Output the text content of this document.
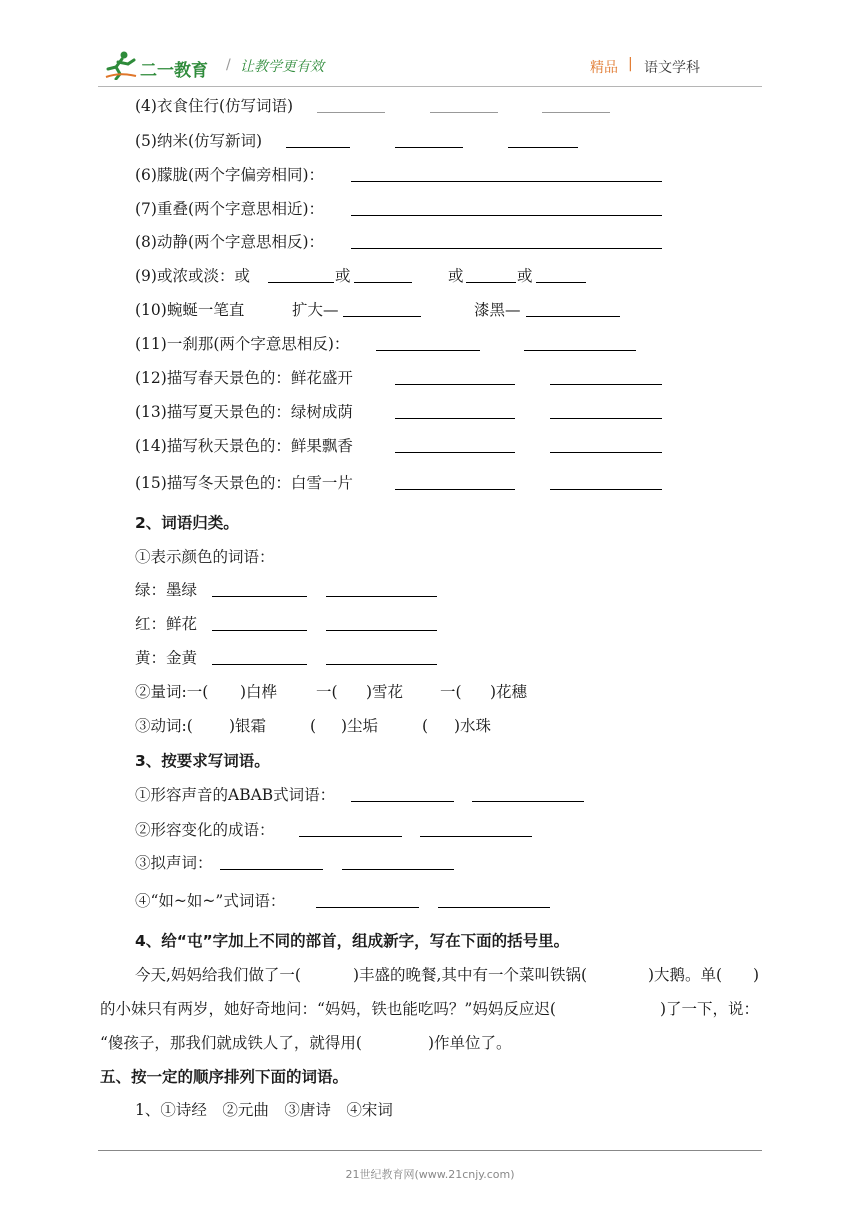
二一教育 / 让教学更有效	精品 | 语文学科
(4)衣食住行(仿写词语)
(5)纳米(仿写新词)
(6)朦胧(两个字偏旁相同)：
(7)重叠(两个字意思相近)：
(8)动静(两个字意思相反)：
(9)或浓或淡：或	或	或	或
(10)蜿蜒一笔直	扩大—	漆黑—
(11)一刹那(两个字意思相反)：
(12)描写春天景色的：鲜花盛开
(13)描写夏天景色的：绿树成荫
(14)描写秋天景色的：鲜果飘香
(15)描写冬天景色的：白雪一片
2、词语归类。
①表示颜色的词语：
绿：墨绿
红：鲜花
黄：金黄
②量词:一( )白桦	一( )雪花 一( )花穗
③动词:( )银霜	( )尘垢	( )水珠
3、按要求写词语。
①形容声音的ABAB式词语：
②形容变化的成语：
③拟声词：
④“如~如~”式词语：
4、给“屯”字加上不同的部首，组成新字，写在下面的括号里。
今天,妈妈给我们做了一(	)丰盛的晚餐,其中有一个菜叫铁锅(	)大鹅。单( )
的小妹只有两岁，她好奇地问：“妈妈，铁也能吃吗？”妈妈反应迟(	)了一下，说：
“傻孩子，那我们就成铁人了，就得用(	)作单位了。
五、按一定的顺序排列下面的词语。
1、①诗经　②元曲　③唐诗　④宋词
21世纪教育网(www.21cnjy.com)
